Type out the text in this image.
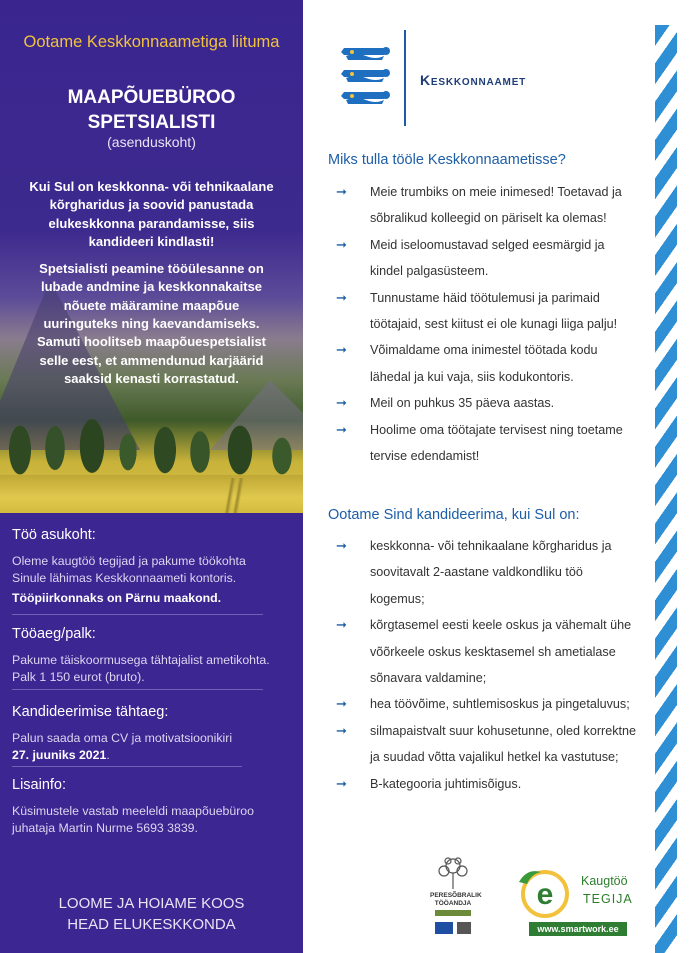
Ootame Keskkonnaametiga liituma
MAAPÕUEBÜROO
SPETSIALISTI
(asenduskoht)

Kui Sul on keskkonna- või tehnikaalane kõrgharidus ja soovid panustada elukeskkonna parandamisse, siis kandideeri kindlasti!

Spetsialisti peamine tööülesanne on lubade andmine ja keskkonnakaitse nõuete määramine maapõue uuringuteks ning kaevandamiseks. Samuti hoolitseb maapõuespetsialist selle eest, et ammendunud karjäärid saaksid kenasti korrastatud.

Töö asukoht:

Oleme kaugtöö tegijad ja pakume töökohta Sinule lähimas Keskkonnaameti kontoris.

Tööpiirkonnaks on Pärnu maakond.

Tööaeg/palk:

Pakume täiskoormusega tähtajalist ametikohta. Palk 1 150 eurot (bruto).

Kandideerimise tähtaeg:

Palun saada oma CV ja motivatsioonikiri

27. juuniks 2021.

Lisainfo:

Küsimustele vastab meeleldi maapõuebüroo juhataja Martin Nurme 5693 3839.

LOOME JA HOIAME KOOS
HEAD ELUKESKKONDA
Keskkonnaamet
Miks tulla tööle Keskkonnaametisse?
➞ Meie trumbiks on meie inimesed! Toetavad ja sõbralikud kolleegid on päriselt ka olemas!
➞ Meid iseloomustavad selged eesmärgid ja kindel palgasüsteem.
➞ Tunnustame häid töötulemusi ja parimaid töötajaid, sest kiitust ei ole kunagi liiga palju!
➞ Võimaldame oma inimestel töötada kodu lähedal ja kui vaja, siis kodukontoris.
➞ Meil on puhkus 35 päeva aastas.
➞ Hoolime oma töötajate tervisest ning toetame tervise edendamist!
Ootame Sind kandideerima, kui Sul on:
➞ keskkonna- või tehnikaalane kõrgharidus ja soovitavalt 2-aastane valdkondliku töö kogemus;
➞ kõrgtasemel eesti keele oskus ja vähemalt ühe võõrkeele oskus kesktasemel sh ametialase sõnavara valdamine;
➞ hea töövõime, suhtlemisoskus ja pingetaluvus;
➞ silmapaistvalt suur kohusetunne, oled korrektne ja suudad võtta vajalikul hetkel ka vastutuse;
➞ B-kategooria juhtimisõigus.
PERESÕBRALIK
TÖÖANDJA e Kaugtöö
TEGIJA
www.smartwork.ee
